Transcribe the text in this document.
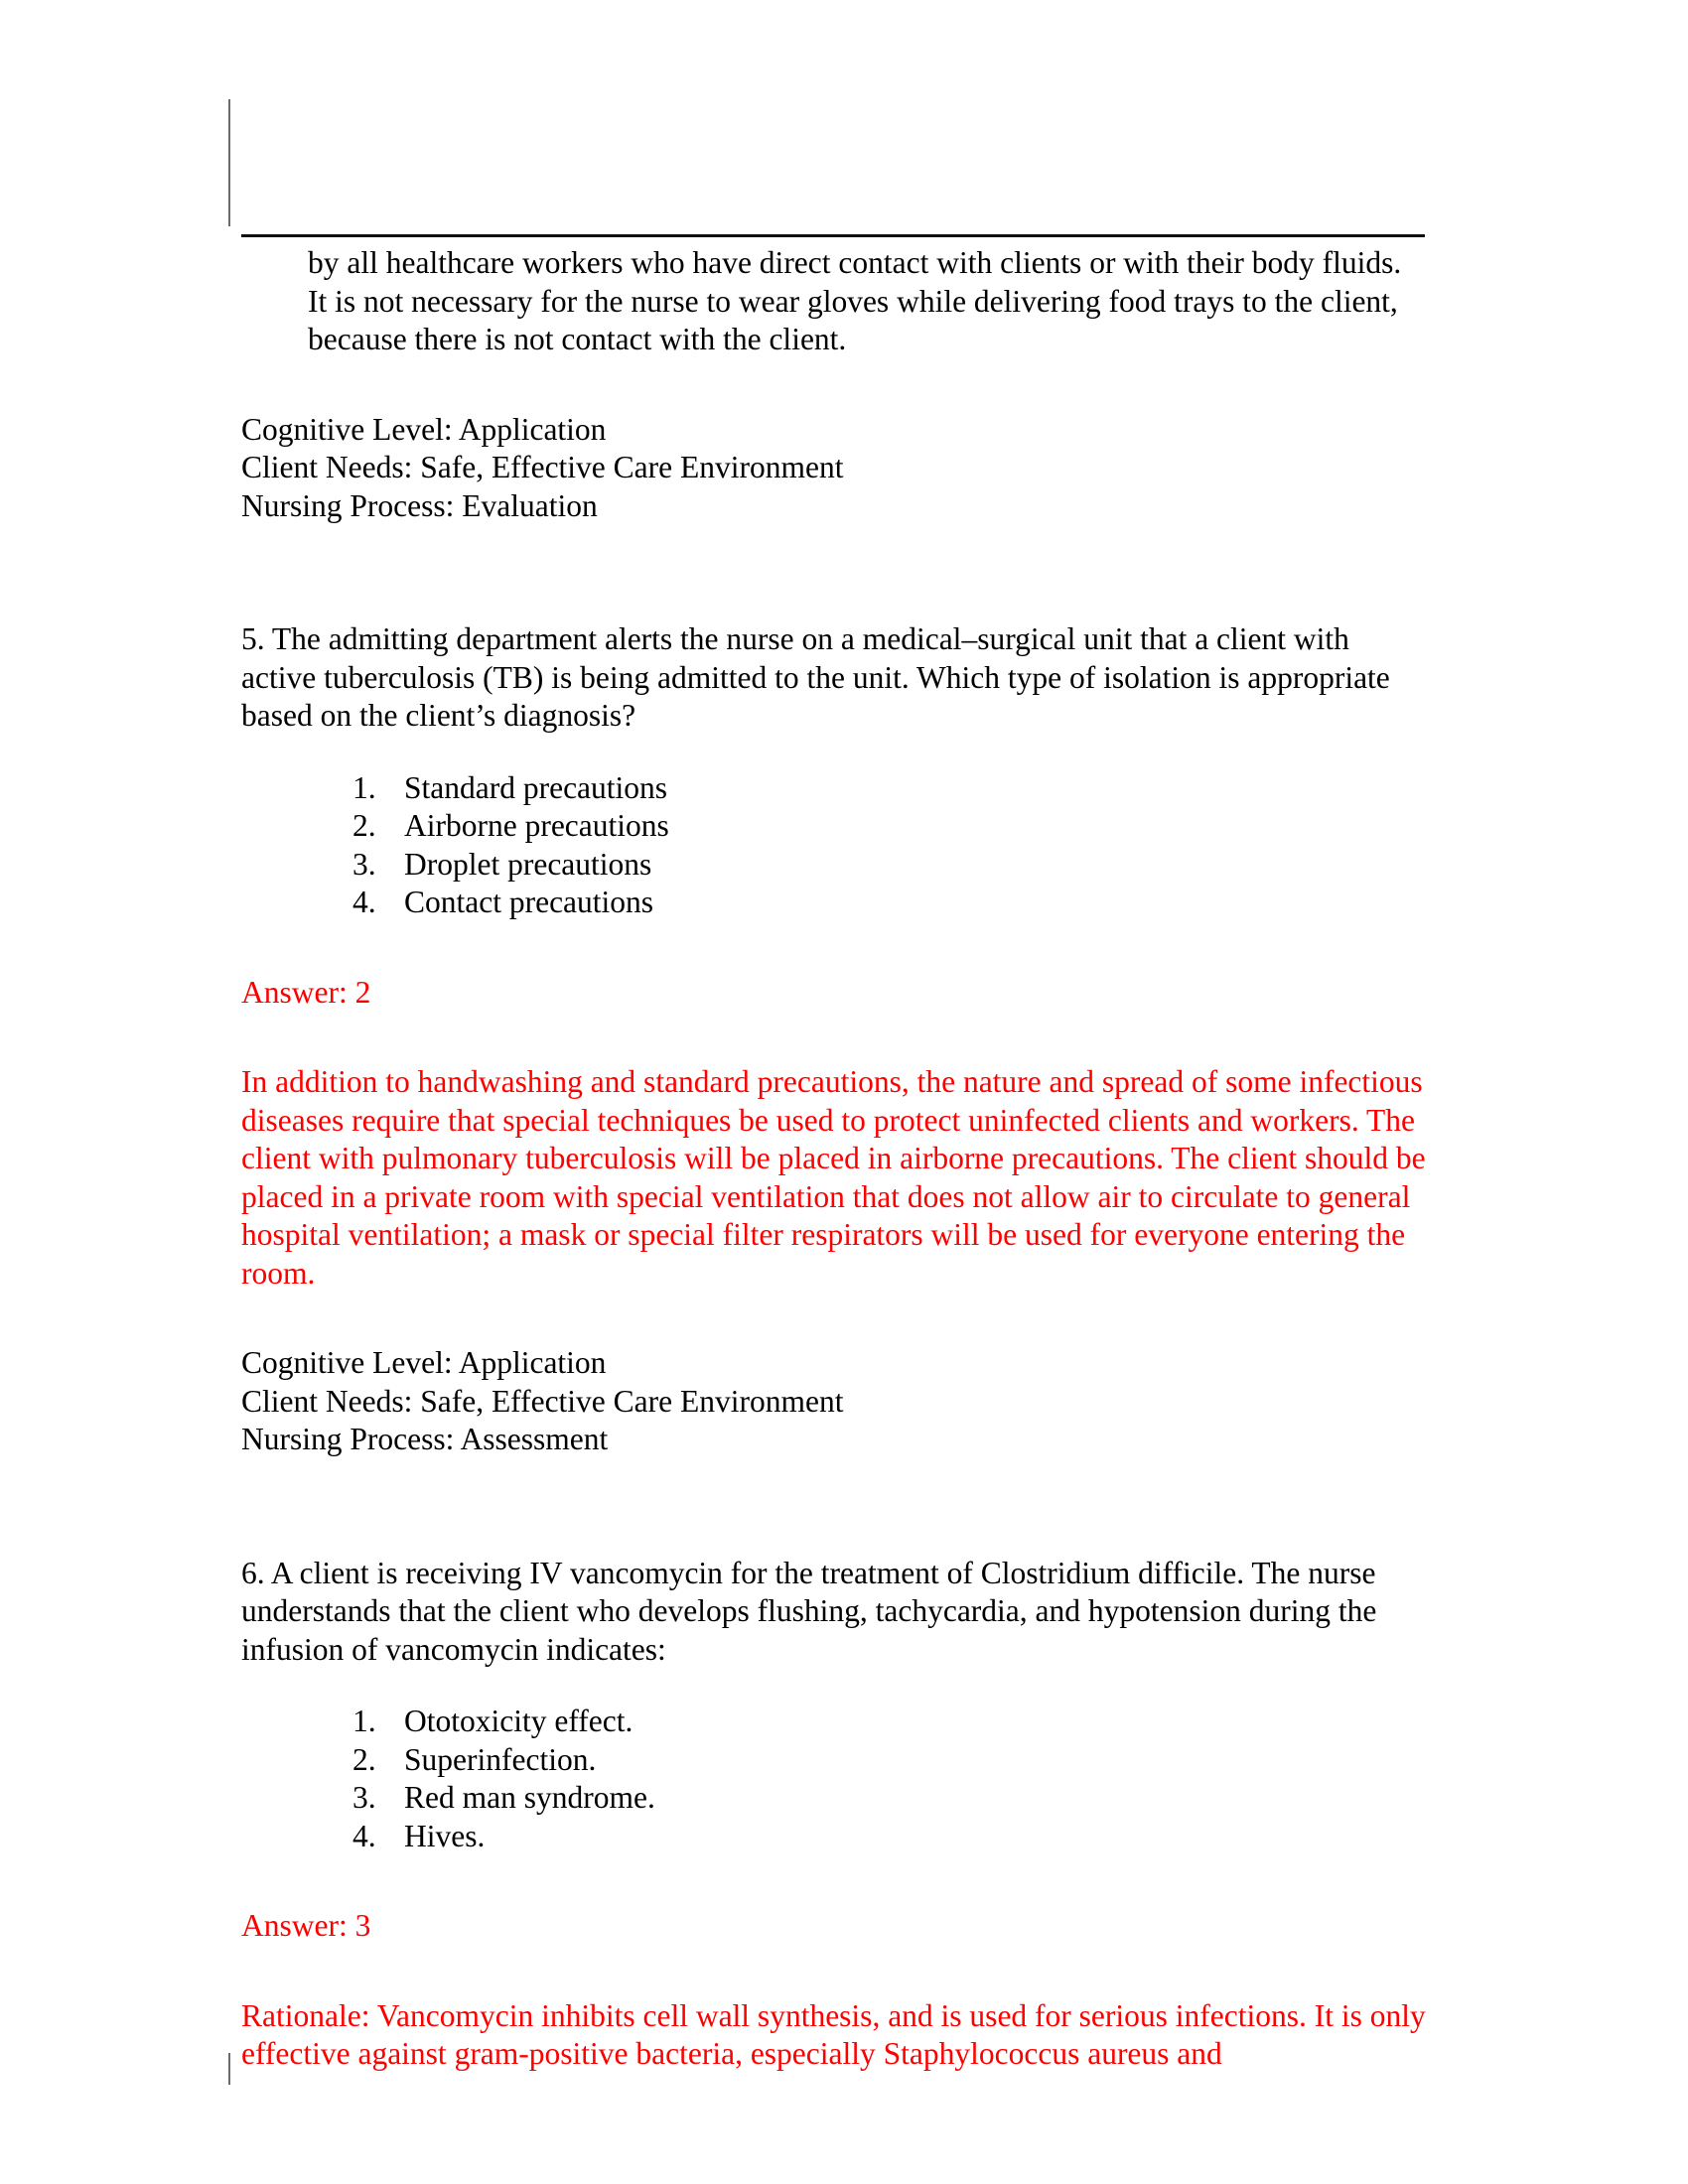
by all healthcare workers who have direct contact with clients or with their body fluids. It is not necessary for the nurse to wear gloves while delivering food trays to the client, because there is not contact with the client.

Cognitive Level: Application

Client Needs: Safe, Effective Care Environment

Nursing Process: Evaluation

5. The admitting department alerts the nurse on a medical–surgical unit that a client with active tuberculosis (TB) is being admitted to the unit. Which type of isolation is appropriate based on the client’s diagnosis?

1. Standard precautions
2. Airborne precautions
3. Droplet precautions
4. Contact precautions

Answer: 2

In addition to handwashing and standard precautions, the nature and spread of some infectious diseases require that special techniques be used to protect uninfected clients and workers. The client with pulmonary tuberculosis will be placed in airborne precautions. The client should be placed in a private room with special ventilation that does not allow air to circulate to general hospital ventilation; a mask or special filter respirators will be used for everyone entering the room.

Cognitive Level: Application

Client Needs: Safe, Effective Care Environment

Nursing Process: Assessment

6. A client is receiving IV vancomycin for the treatment of Clostridium difficile. The nurse understands that the client who develops flushing, tachycardia, and hypotension during the infusion of vancomycin indicates:

1. Ototoxicity effect.
2. Superinfection.
3. Red man syndrome.
4. Hives.

Answer: 3

Rationale: Vancomycin inhibits cell wall synthesis, and is used for serious infections. It is only effective against gram-positive bacteria, especially Staphylococcus aureus and
